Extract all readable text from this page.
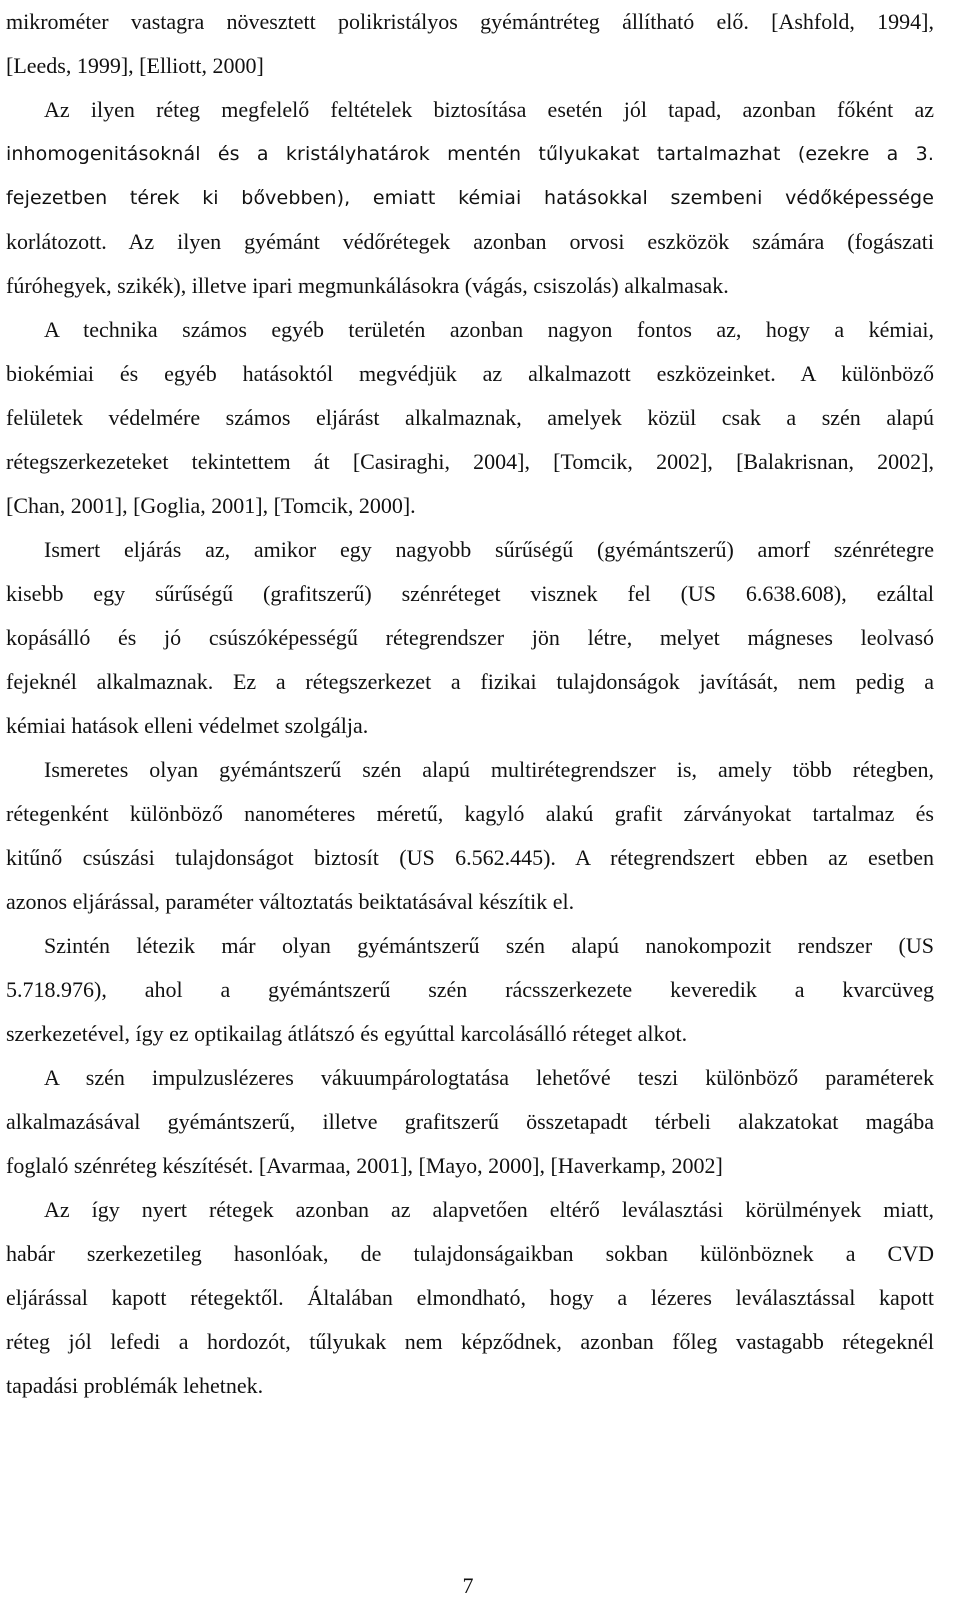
mikrométer vastagra növesztett polikristályos gyémántréteg állítható elő. [Ashfold, 1994],
[Leeds, 1999], [Elliott, 2000]
Az ilyen réteg megfelelő feltételek biztosítása esetén jól tapad, azonban főként az
inhomogenitásoknál és a kristályhatárok mentén tűlyukakat tartalmazhat (ezekre a 3.
fejezetben térek ki bővebben), emiatt kémiai hatásokkal szembeni védőképessége
korlátozott. Az ilyen gyémánt védőrétegek azonban orvosi eszközök számára (fogászati
fúróhegyek, szikék), illetve ipari megmunkálásokra (vágás, csiszolás) alkalmasak.
A technika számos egyéb területén azonban nagyon fontos az, hogy a kémiai,
biokémiai és egyéb hatásoktól megvédjük az alkalmazott eszközeinket. A különböző
felületek védelmére számos eljárást alkalmaznak, amelyek közül csak a szén alapú
rétegszerkezeteket tekintettem át [Casiraghi, 2004], [Tomcik, 2002], [Balakrisnan, 2002],
[Chan, 2001], [Goglia, 2001], [Tomcik, 2000].
Ismert eljárás az, amikor egy nagyobb sűrűségű (gyémántszerű) amorf szénrétegre
kisebb egy sűrűségű (grafitszerű) szénréteget visznek fel (US 6.638.608), ezáltal
kopásálló és jó csúszóképességű rétegrendszer jön létre, melyet mágneses leolvasó
fejeknél alkalmaznak. Ez a rétegszerkezet a fizikai tulajdonságok javítását, nem pedig a
kémiai hatások elleni védelmet szolgálja.
Ismeretes olyan gyémántszerű szén alapú multirétegrendszer is, amely több rétegben,
rétegenként különböző nanométeres méretű, kagyló alakú grafit zárványokat tartalmaz és
kitűnő csúszási tulajdonságot biztosít (US 6.562.445). A rétegrendszert ebben az esetben
azonos eljárással, paraméter változtatás beiktatásával készítik el.
Szintén létezik már olyan gyémántszerű szén alapú nanokompozit rendszer (US
5.718.976), ahol a gyémántszerű szén rácsszerkezete keveredik a kvarcüveg
szerkezetével, így ez optikailag átlátszó és egyúttal karcolásálló réteget alkot.
A szén impulzuslézeres vákuumpárologtatása lehetővé teszi különböző paraméterek
alkalmazásával gyémántszerű, illetve grafitszerű összetapadt térbeli alakzatokat magába
foglaló szénréteg készítését. [Avarmaa, 2001], [Mayo, 2000], [Haverkamp, 2002]
Az így nyert rétegek azonban az alapvetően eltérő leválasztási körülmények miatt,
habár szerkezetileg hasonlóak, de tulajdonságaikban sokban különböznek a CVD
eljárással kapott rétegektől. Általában elmondható, hogy a lézeres leválasztással kapott
réteg jól lefedi a hordozót, tűlyukak nem képződnek, azonban főleg vastagabb rétegeknél
tapadási problémák lehetnek.
7
